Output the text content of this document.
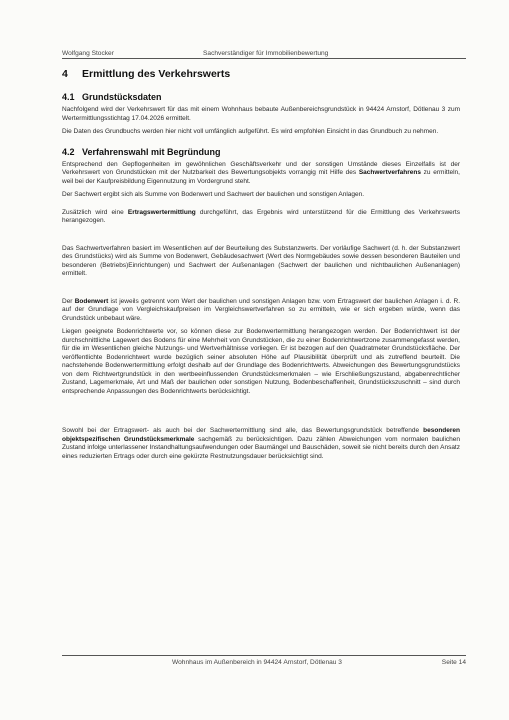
Wolfgang Stocker	Sachverständiger für Immobilienbewertung
4 Ermittlung des Verkehrswerts
4.1 Grundstücksdaten

Nachfolgend wird der Verkehrswert für das mit einem Wohnhaus bebaute Außenbereichsgrundstück in 94424 Arnstorf, Dötlenau 3 zum Wertermittlungsstichtag 17.04.2026 ermittelt.

Die Daten des Grundbuchs werden hier nicht voll umfänglich aufgeführt. Es wird empfohlen Einsicht in das Grundbuch zu nehmen.

4.2 Verfahrenswahl mit Begründung

Entsprechend den Gepflogenheiten im gewöhnlichen Geschäftsverkehr und der sonstigen Umstände dieses Einzelfalls ist der Verkehrswert von Grundstücken mit der Nutzbarkeit des Bewertungsobjekts vorrangig mit Hilfe des Sachwertverfahrens zu ermitteln, weil bei der Kaufpreisbildung Eigennutzung im Vordergrund steht.

Der Sachwert ergibt sich als Summe von Bodenwert und Sachwert der baulichen und sonstigen Anlagen.

Zusätzlich wird eine Ertragswertermittlung durchgeführt, das Ergebnis wird unterstützend für die Ermittlung des Verkehrswerts herangezogen.

Das Sachwertverfahren basiert im Wesentlichen auf der Beurteilung des Substanzwerts. Der vorläufige Sachwert (d. h. der Substanzwert des Grundstücks) wird als Summe von Bodenwert, Gebäudesachwert (Wert des Normgebäudes sowie dessen besonderen Bauteilen und besonderen (Betriebs)Einrichtungen) und Sachwert der Außenanlagen (Sachwert der baulichen und nichtbaulichen Außenanlagen) ermittelt.

Der Bodenwert ist jeweils getrennt vom Wert der baulichen und sonstigen Anlagen bzw. vom Ertragswert der baulichen Anlagen i. d. R. auf der Grundlage von Vergleichskaufpreisen im Vergleichswertverfahren so zu ermitteln, wie er sich ergeben würde, wenn das Grundstück unbebaut wäre.

Liegen geeignete Bodenrichtwerte vor, so können diese zur Bodenwertermittlung herangezogen werden. Der Bodenrichtwert ist der durchschnittliche Lagewert des Bodens für eine Mehrheit von Grundstücken, die zu einer Bodenrichtwertzone zusammengefasst werden, für die im Wesentlichen gleiche Nutzungs- und Wertverhältnisse vorliegen. Er ist bezogen auf den Quadratmeter Grundstücksfläche. Der veröffentlichte Bodenrichtwert wurde bezüglich seiner absoluten Höhe auf Plausibilität überprüft und als zutreffend beurteilt. Die nachstehende Bodenwertermittlung erfolgt deshalb auf der Grundlage des Bodenrichtwerts. Abweichungen des Bewertungsgrundstücks von dem Richtwertgrundstück in den wertbeeinflussenden Grundstücksmerkmalen – wie Erschließungszustand, abgabenrechtlicher Zustand, Lagemerkmale, Art und Maß der baulichen oder sonstigen Nutzung, Bodenbeschaffenheit, Grundstückszuschnitt – sind durch entsprechende Anpassungen des Bodenrichtwerts berücksichtigt.

Sowohl bei der Ertragswert- als auch bei der Sachwertermittlung sind alle, das Bewertungsgrundstück betreffende besonderen objektspezifischen Grundstücksmerkmale sachgemäß zu berücksichtigen. Dazu zählen Abweichungen vom normalen baulichen Zustand infolge unterlassener Instandhaltungsaufwendungen oder Baumängel und Bauschäden, soweit sie nicht bereits durch den Ansatz eines reduzierten Ertrags oder durch eine gekürzte Restnutzungsdauer berücksichtigt sind.

Wohnhaus im Außenbereich in 94424 Arnstorf, Dötlenau 3	Seite 14
